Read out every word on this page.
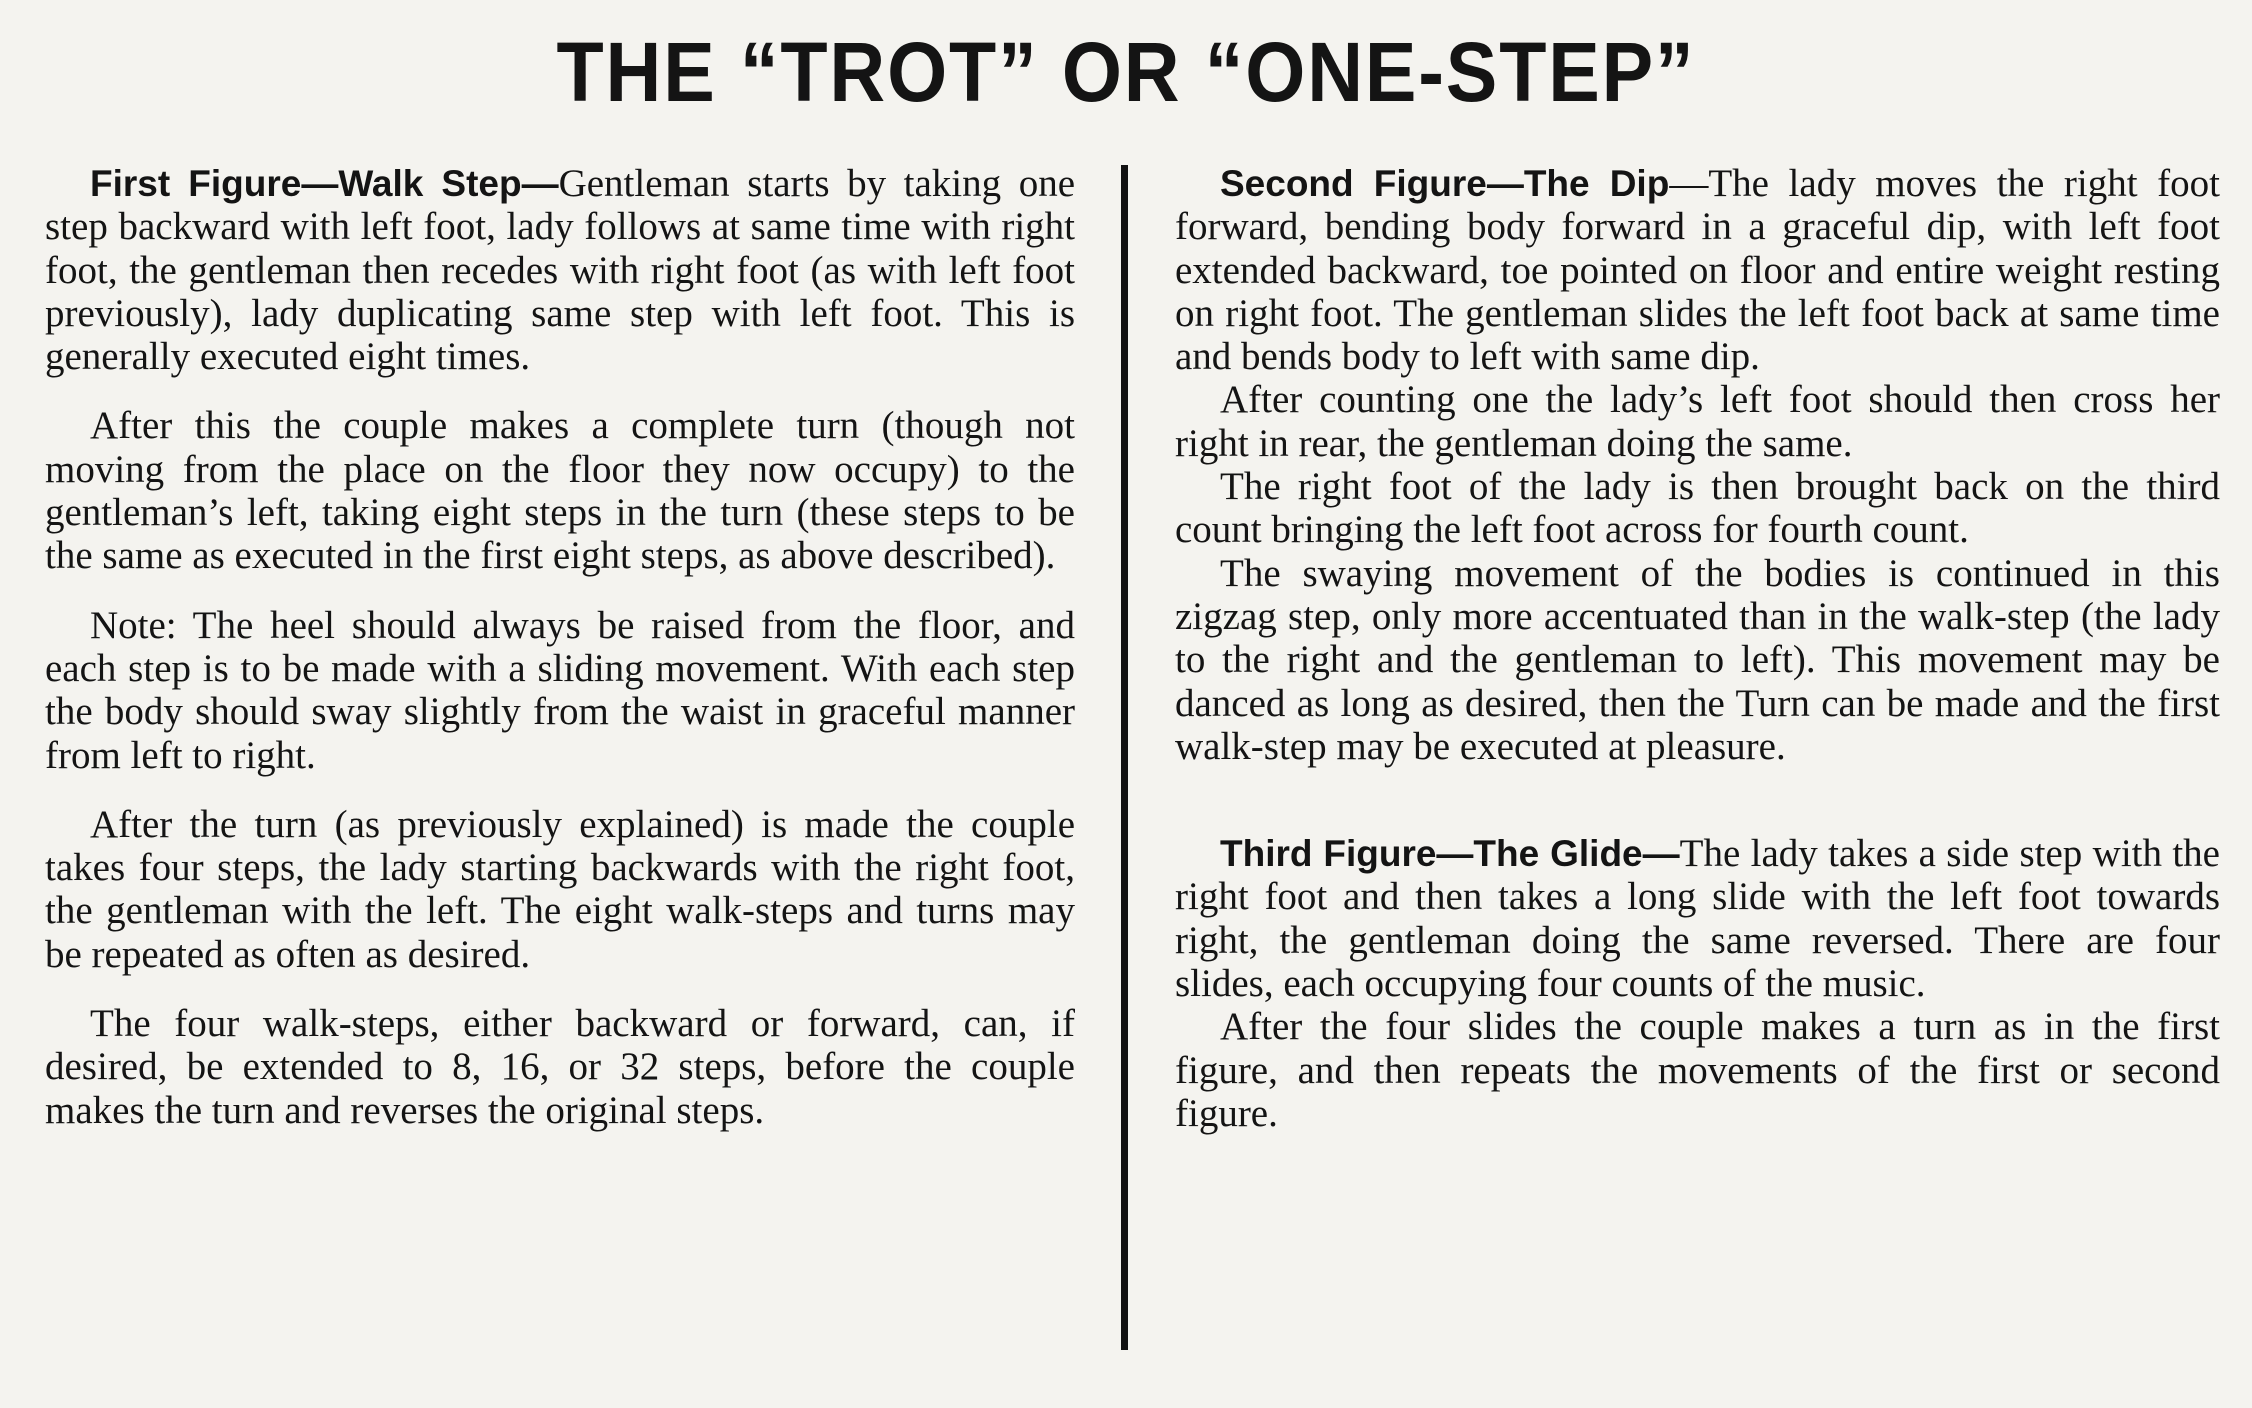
THE “TROT” OR “ONE-STEP”

First Figure—Walk Step—Gentleman starts by taking one step backward with left foot, lady follows at same time with right foot, the gentleman then recedes with right foot (as with left foot previously), lady duplicating same step with left foot. This is generally executed eight times.

After this the couple makes a complete turn (though not moving from the place on the floor they now occupy) to the gentleman’s left, taking eight steps in the turn (these steps to be the same as executed in the first eight steps, as above described).

Note: The heel should always be raised from the floor, and each step is to be made with a sliding movement. With each step the body should sway slightly from the waist in graceful manner from left to right.

After the turn (as previously explained) is made the couple takes four steps, the lady starting backwards with the right foot, the gentleman with the left. The eight walk-steps and turns may be repeated as often as desired.

The four walk-steps, either backward or forward, can, if desired, be extended to 8, 16, or 32 steps, before the couple makes the turn and reverses the original steps.

Second Figure—The Dip—The lady moves the right foot forward, bending body forward in a graceful dip, with left foot extended backward, toe pointed on floor and entire weight resting on right foot. The gentleman slides the left foot back at same time and bends body to left with same dip.

After counting one the lady’s left foot should then cross her right in rear, the gentleman doing the same.

The right foot of the lady is then brought back on the third count bringing the left foot across for fourth count.

The swaying movement of the bodies is continued in this zigzag step, only more accentuated than in the walk-step (the lady to the right and the gentleman to left). This movement may be danced as long as desired, then the Turn can be made and the first walk-step may be executed at pleasure.

Third Figure—The Glide—The lady takes a side step with the right foot and then takes a long slide with the left foot towards right, the gentleman doing the same reversed. There are four slides, each occupying four counts of the music.

After the four slides the couple makes a turn as in the first figure, and then repeats the movements of the first or second figure.
